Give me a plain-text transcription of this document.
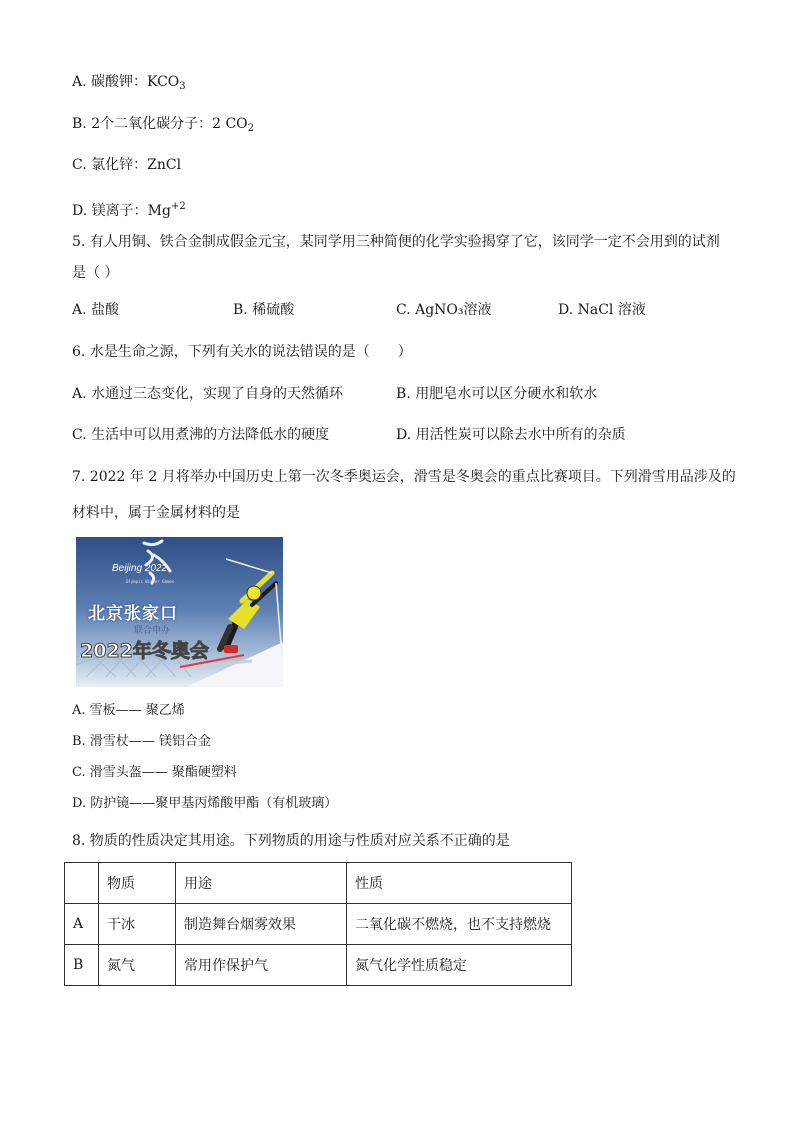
A. 碳酸钾：$KCO_3$
B. 2个二氧化碳分子：2 $CO_2$
C. 氯化锌：ZnCl
D. 镁离子：$Mg^{+2}$
5. 有人用铜、铁合金制成假金元宝，某同学用三种简便的化学实验揭穿了它，该同学一定不会用到的试剂
是（ ）
A. 盐酸	B. 稀硫酸	C. AgNO₃溶液	D. NaCl 溶液
6. 水是生命之源，下列有关水的说法错误的是（　　）
A. 水通过三态变化，实现了自身的天然循环	B. 用肥皂水可以区分硬水和软水
C. 生活中可以用煮沸的方法降低水的硬度	D. 用活性炭可以除去水中所有的杂质
7. 2022 年 2 月将举办中国历史上第一次冬季奥运会，滑雪是冬奥会的重点比赛项目。下列滑雪用品涉及的
材料中，属于金属材料的是
Beijing 2022
Olympic Winter Games
北京张家口
联合申办
2022年冬奥会
A. 雪板—— 聚乙烯
B. 滑雪杖—— 镁铝合金
C. 滑雪头盔—— 聚酯硬塑料
D. 防护镜——聚甲基丙烯酸甲酯（有机玻璃）
8. 物质的性质决定其用途。下列物质的用途与性质对应关系不正确的是
	物质	用途	性质
A	干冰	制造舞台烟雾效果	二氧化碳不燃烧，也不支持燃烧
B	氮气	常用作保护气	氮气化学性质稳定
